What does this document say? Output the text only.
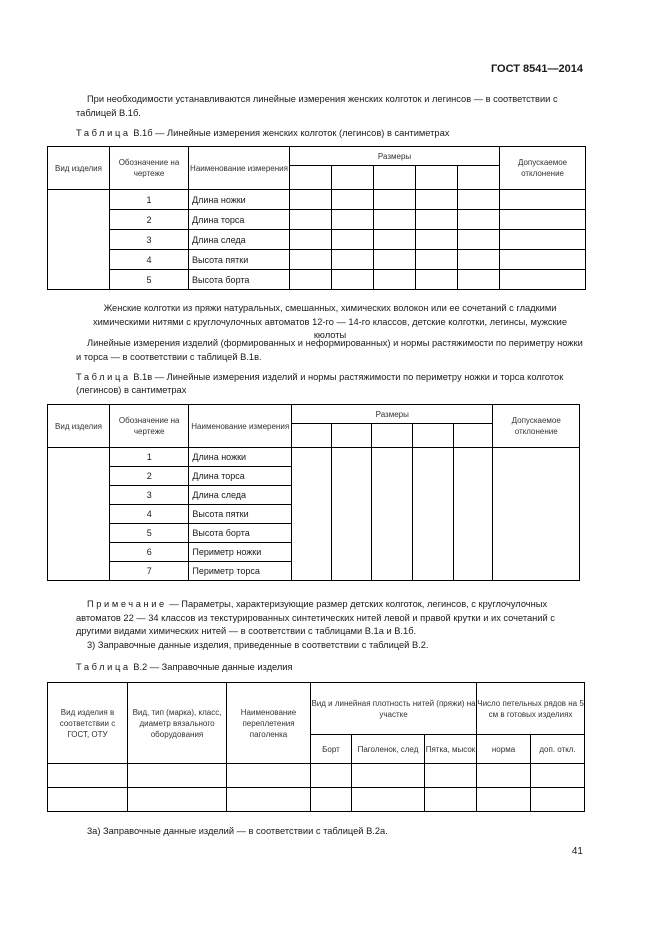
ГОСТ 8541—2014
При необходимости устанавливаются линейные измерения женских колготок и легинсов — в соответствии с таблицей В.1б.
Таблица В.1б — Линейные измерения женских колготок (легинсов) в сантиметрах
Вид изделия	Обозначение на чертеже	Наименование измерения	Размеры					Допускаемое отклонение

	1	Длина ножки						
	2	Длина торса						
	3	Длина следа						
	4	Высота пятки						
	5	Высота борта						
Женские колготки из пряжи натуральных, смешанных, химических волокон или ее сочетаний с гладкими химическими нитями с круглочулочных автоматов 12-го — 14-го классов, детские колготки, легинсы, мужские кюлоты
Линейные измерения изделий (формированных и неформированных) и нормы растяжимости по периметру ножки и торса — в соответствии с таблицей В.1в.
Таблица В.1в — Линейные измерения изделий и нормы растяжимости по периметру ножки и торса колготок (легинсов) в сантиметрах
Вид изделия	Обозначение на чертеже	Наименование измерения	Размеры					Допускаемое отклонение

	1	Длина ножки						
	2	Длина торса						
	3	Длина следа						
	4	Высота пятки						
	5	Высота борта						
	6	Периметр ножки						
	7	Периметр торса						
Примечание — Параметры, характеризующие размер детских колготок, легинсов, с круглочулочных автоматов 22 — 34 классов из текстурированных синтетических нитей левой и правой крутки и их сочетаний с другими видами химических нитей — в соответствии с таблицами В.1а и В.1б.
3) Заправочные данные изделия, приведенные в соответствии с таблицей В.2.
Таблица В.2 — Заправочные данные изделия
Вид изделия в соответствии с ГОСТ, ОТУ	Вид, тип (марка), класс, диаметр вязального оборудования	Наименование переплетения паголенка	Вид и линейная плотность нитей (пряжи) на участке			Число петельных рядов на 5 см в готовых изделиях	
			Борт	Паголенок, след	Пятка, мысок	норма	доп. откл.

3а) Заправочные данные изделий — в соответствии с таблицей В.2а.
41
